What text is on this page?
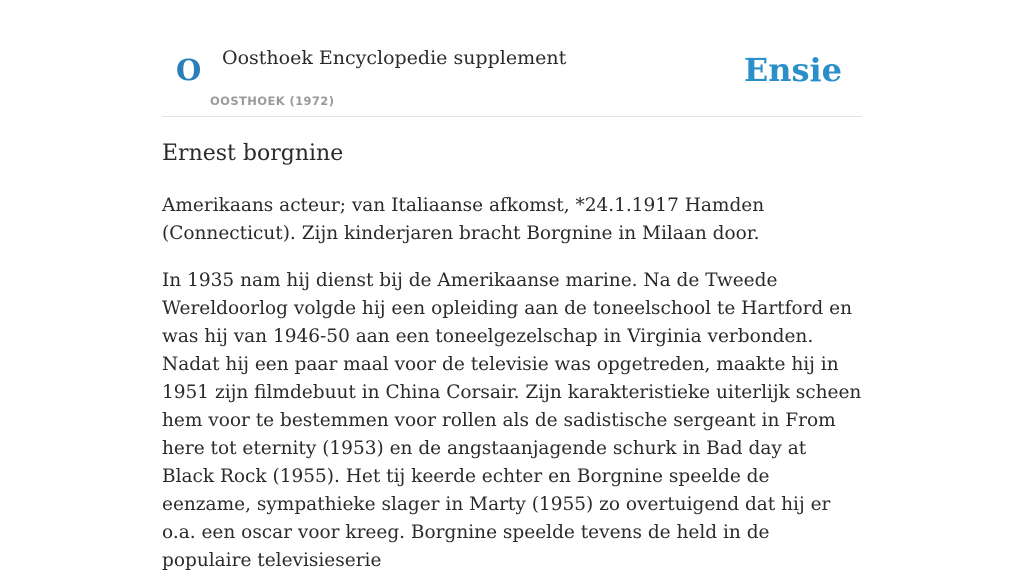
O Oosthoek Encyclopedie supplement
OOSTHOEK (1972)
Ensie
Ernest borgnine

Amerikaans acteur; van Italiaanse afkomst, *24.1.1917 Hamden (Connecticut). Zijn kinderjaren bracht Borgnine in Milaan door.

In 1935 nam hij dienst bij de Amerikaanse marine. Na de Tweede Wereldoorlog volgde hij een opleiding aan de toneelschool te Hartford en was hij van 1946-50 aan een toneelgezelschap in Virginia verbonden. Nadat hij een paar maal voor de televisie was opgetreden, maakte hij in 1951 zijn filmdebuut in China Corsair. Zijn karakteristieke uiterlijk scheen hem voor te bestemmen voor rollen als de sadistische sergeant in From here tot eternity (1953) en de angstaanjagende schurk in Bad day at Black Rock (1955). Het tij keerde echter en Borgnine speelde de eenzame, sympathieke slager in Marty (1955) zo overtuigend dat hij er o.a. een oscar voor kreeg. Borgnine speelde tevens de held in de populaire televisieserie
